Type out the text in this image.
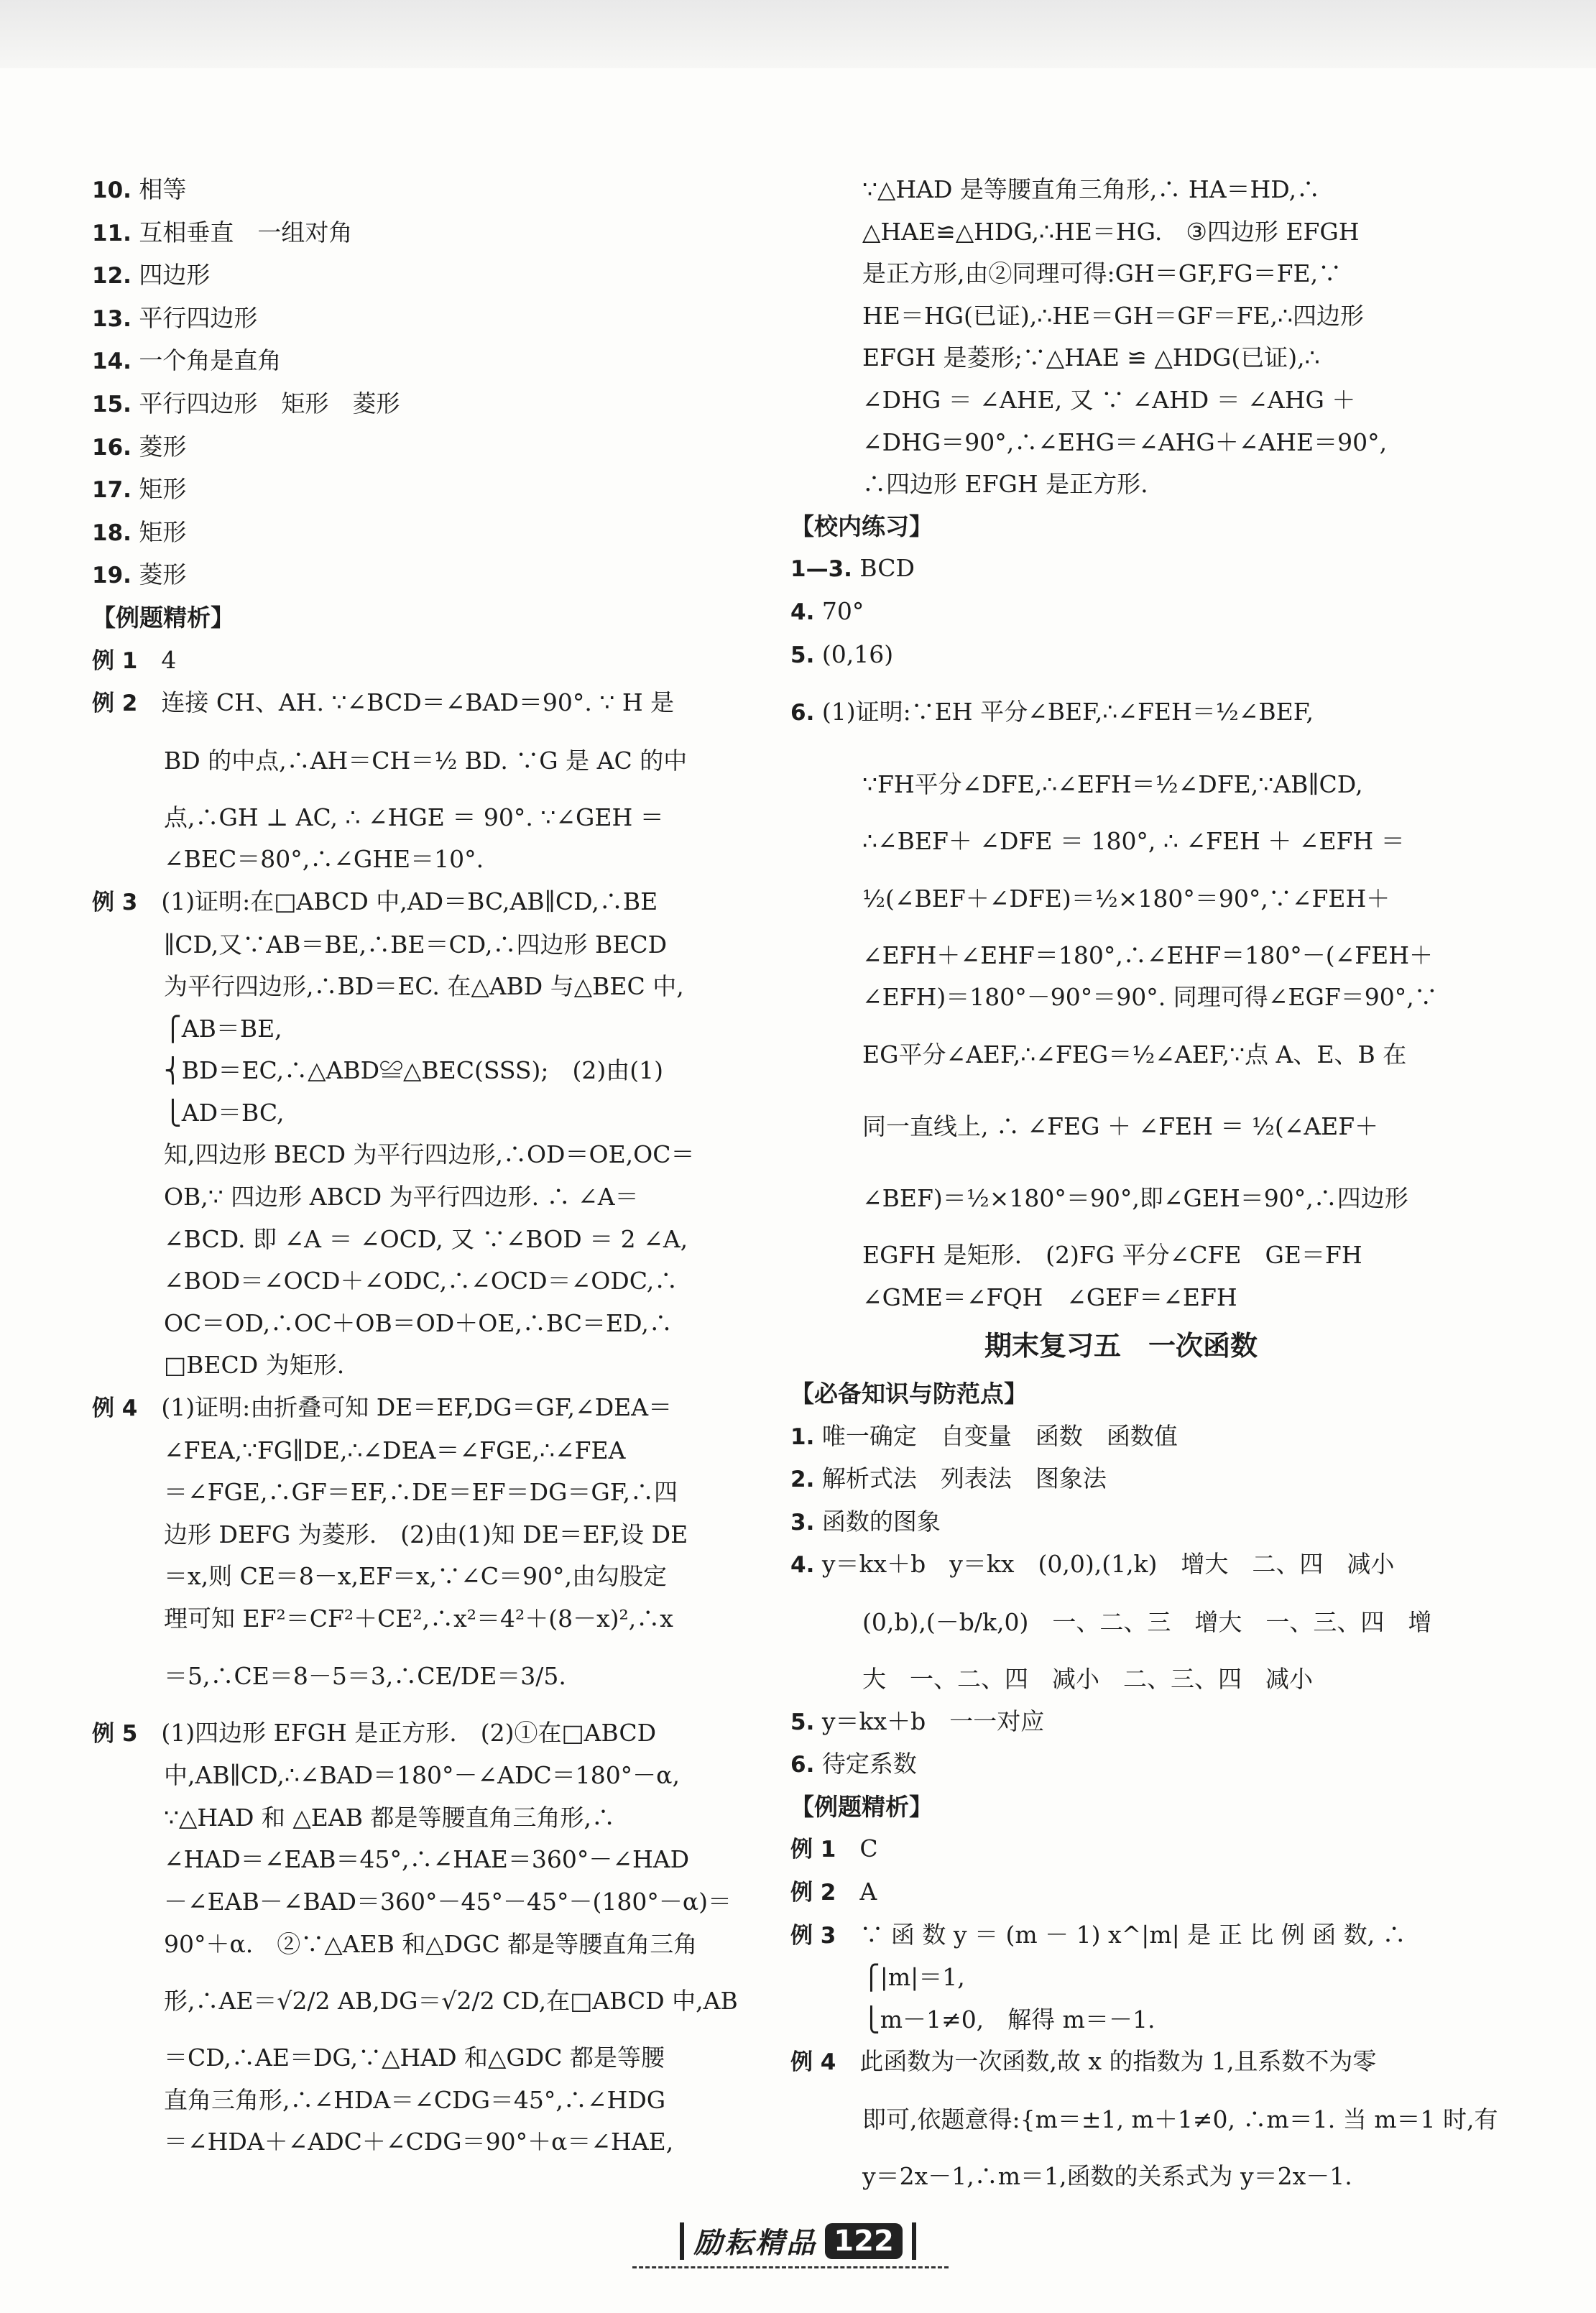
10. 相等
11. 互相垂直　一组对角
12. 四边形
13. 平行四边形
14. 一个角是直角
15. 平行四边形　矩形　菱形
16. 菱形
17. 矩形
18. 矩形
19. 菱形
【例题精析】
例 1　4
例 2　连接 CH、AH. ∵∠BCD＝∠BAD＝90°. ∵ H 是
BD 的中点,∴AH＝CH＝½ BD. ∵G 是 AC 的中
点,∴GH ⊥ AC, ∴ ∠HGE ＝ 90°. ∵∠GEH ＝
∠BEC＝80°,∴∠GHE＝10°.
例 3　(1)证明:在□ABCD 中,AD＝BC,AB∥CD,∴BE
∥CD,又∵AB＝BE,∴BE＝CD,∴四边形 BECD
为平行四边形,∴BD＝EC. 在△ABD 与△BEC 中,
⎧AB＝BE,
⎨BD＝EC,∴△ABD≌△BEC(SSS);　(2)由(1)
⎩AD＝BC,
知,四边形 BECD 为平行四边形,∴OD＝OE,OC＝
OB,∵ 四边形 ABCD 为平行四边形. ∴ ∠A＝
∠BCD. 即 ∠A ＝ ∠OCD, 又 ∵∠BOD ＝ 2 ∠A,
∠BOD＝∠OCD＋∠ODC,∴∠OCD＝∠ODC,∴
OC＝OD,∴OC＋OB＝OD＋OE,∴BC＝ED,∴
□BECD 为矩形.
例 4　(1)证明:由折叠可知 DE＝EF,DG＝GF,∠DEA＝
∠FEA,∵FG∥DE,∴∠DEA＝∠FGE,∴∠FEA
＝∠FGE,∴GF＝EF,∴DE＝EF＝DG＝GF,∴四
边形 DEFG 为菱形.　(2)由(1)知 DE＝EF,设 DE
＝x,则 CE＝8－x,EF＝x,∵∠C＝90°,由勾股定
理可知 EF²＝CF²＋CE²,∴x²＝4²＋(8－x)²,∴x
＝5,∴CE＝8－5＝3,∴CE/DE＝3/5.
例 5　(1)四边形 EFGH 是正方形.　(2)①在□ABCD
中,AB∥CD,∴∠BAD＝180°－∠ADC＝180°－α,
∵△HAD 和 △EAB 都是等腰直角三角形,∴
∠HAD＝∠EAB＝45°,∴∠HAE＝360°－∠HAD
－∠EAB－∠BAD＝360°－45°－45°－(180°－α)＝
90°＋α.　②∵△AEB 和△DGC 都是等腰直角三角
形,∴AE＝√2/2 AB,DG＝√2/2 CD,在□ABCD 中,AB
＝CD,∴AE＝DG,∵△HAD 和△GDC 都是等腰
直角三角形,∴∠HDA＝∠CDG＝45°,∴∠HDG
＝∠HDA＋∠ADC＋∠CDG＝90°＋α＝∠HAE,
∵△HAD 是等腰直角三角形,∴ HA＝HD,∴
△HAE≌△HDG,∴HE＝HG.　③四边形 EFGH
是正方形,由②同理可得:GH＝GF,FG＝FE,∵
HE＝HG(已证),∴HE＝GH＝GF＝FE,∴四边形
EFGH 是菱形;∵△HAE ≌ △HDG(已证),∴
∠DHG ＝ ∠AHE, 又 ∵ ∠AHD ＝ ∠AHG ＋
∠DHG＝90°,∴∠EHG＝∠AHG＋∠AHE＝90°,
∴四边形 EFGH 是正方形.
【校内练习】
1—3. BCD
4. 70°
5. (0,16)
6. (1)证明:∵EH 平分∠BEF,∴∠FEH＝½∠BEF,
∵FH平分∠DFE,∴∠EFH＝½∠DFE,∵AB∥CD,
∴∠BEF＋ ∠DFE ＝ 180°, ∴ ∠FEH ＋ ∠EFH ＝
½(∠BEF＋∠DFE)＝½×180°＝90°,∵∠FEH＋
∠EFH＋∠EHF＝180°,∴∠EHF＝180°－(∠FEH＋
∠EFH)＝180°－90°＝90°. 同理可得∠EGF＝90°,∵
EG平分∠AEF,∴∠FEG＝½∠AEF,∵点 A、E、B 在
同一直线上, ∴ ∠FEG ＋ ∠FEH ＝ ½(∠AEF＋
∠BEF)＝½×180°＝90°,即∠GEH＝90°,∴四边形
EGFH 是矩形.　(2)FG 平分∠CFE　GE＝FH
∠GME＝∠FQH　∠GEF＝∠EFH
期末复习五　一次函数
【必备知识与防范点】
1. 唯一确定　自变量　函数　函数值
2. 解析式法　列表法　图象法
3. 函数的图象
4. y＝kx＋b　y＝kx　(0,0),(1,k)　增大　二、四　减小
(0,b),(－b/k,0)　一、二、三　增大　一、三、四　增
大　一、二、四　减小　二、三、四　减小
5. y＝kx＋b　一一对应
6. 待定系数
【例题精析】
例 1　C
例 2　A
例 3　∵ 函 数 y ＝ (m － 1) x^|m| 是 正 比 例 函 数, ∴
⎧|m|＝1,
⎩m－1≠0,　解得 m＝－1.
例 4　此函数为一次函数,故 x 的指数为 1,且系数不为零
即可,依题意得:{m＝±1, m＋1≠0, ∴m＝1. 当 m＝1 时,有
y＝2x－1,∴m＝1,函数的关系式为 y＝2x－1.
励耘精品 122
